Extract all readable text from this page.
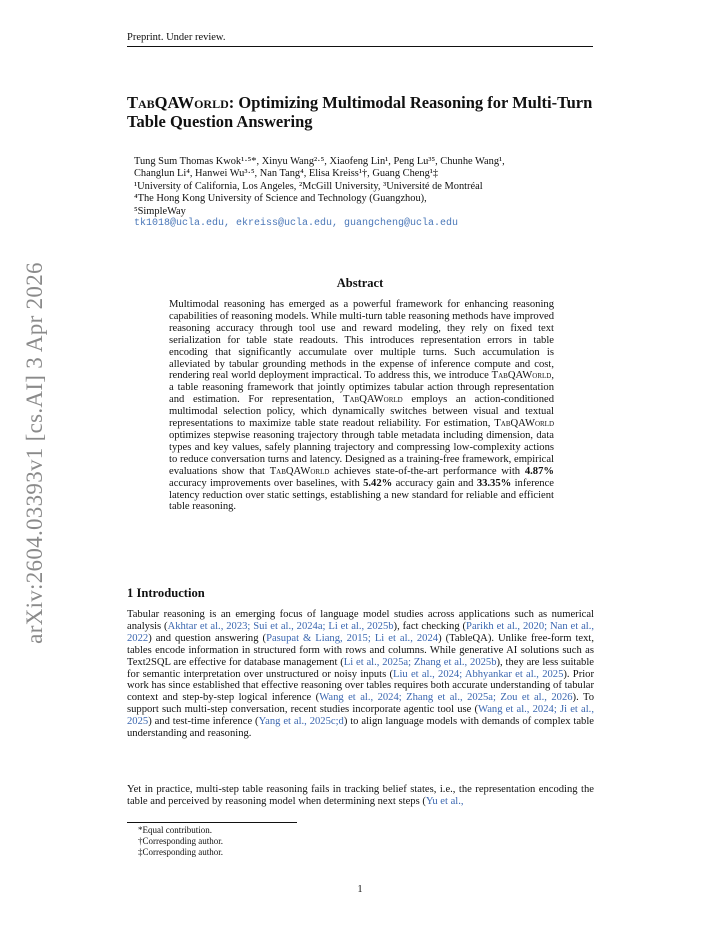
Preprint. Under review.
arXiv:2604.03393v1 [cs.AI] 3 Apr 2026
TabQAWorld: Optimizing Multimodal Reasoning for Multi-Turn Table Question Answering
Tung Sum Thomas Kwok¹·⁵*, Xinyu Wang²·⁵, Xiaofeng Lin¹, Peng Lu³⁵, Chunhe Wang¹,
Changlun Li⁴, Hanwei Wu³·⁵, Nan Tang⁴, Elisa Kreiss¹†, Guang Cheng¹‡
¹University of California, Los Angeles, ²McGill University, ³Université de Montréal
⁴The Hong Kong University of Science and Technology (Guangzhou),
⁵SimpleWay
tk1018@ucla.edu, ekreiss@ucla.edu, guangcheng@ucla.edu
Abstract
Multimodal reasoning has emerged as a powerful framework for enhancing reasoning capabilities of reasoning models. While multi-turn table reasoning methods have improved reasoning accuracy through tool use and reward modeling, they rely on fixed text serialization for table state readouts. This introduces representation errors in table encoding that significantly accumulate over multiple turns. Such accumulation is alleviated by tabular grounding methods in the expense of inference compute and cost, rendering real world deployment impractical. To address this, we introduce TabQAWorld, a table reasoning framework that jointly optimizes tabular action through representation and estimation. For representation, TabQAWorld employs an action-conditioned multimodal selection policy, which dynamically switches between visual and textual representations to maximize table state readout reliability. For estimation, TabQAWorld optimizes stepwise reasoning trajectory through table metadata including dimension, data types and key values, safely planning trajectory and compressing low-complexity actions to reduce conversation turns and latency. Designed as a training-free framework, empirical evaluations show that TabQAWorld achieves state-of-the-art performance with 4.87% accuracy improvements over baselines, with 5.42% accuracy gain and 33.35% inference latency reduction over static settings, establishing a new standard for reliable and efficient table reasoning.
1 Introduction
Tabular reasoning is an emerging focus of language model studies across applications such as numerical analysis (Akhtar et al., 2023; Sui et al., 2024a; Li et al., 2025b), fact checking (Parikh et al., 2020; Nan et al., 2022) and question answering (Pasupat & Liang, 2015; Li et al., 2024) (TableQA). Unlike free-form text, tables encode information in structured form with rows and columns. While generative AI solutions such as Text2SQL are effective for database management (Li et al., 2025a; Zhang et al., 2025b), they are less suitable for semantic interpretation over unstructured or noisy inputs (Liu et al., 2024; Abhyankar et al., 2025). Prior work has since established that effective reasoning over tables requires both accurate understanding of tabular context and step-by-step logical inference (Wang et al., 2024; Zhang et al., 2025a; Zou et al., 2026). To support such multi-step conversation, recent studies incorporate agentic tool use (Wang et al., 2024; Ji et al., 2025) and test-time inference (Yang et al., 2025c;d) to align language models with demands of complex table understanding and reasoning.
Yet in practice, multi-step table reasoning fails in tracking belief states, i.e., the representation encoding the table and perceived by reasoning model when determining next steps (Yu et al.,
*Equal contribution.
†Corresponding author.
‡Corresponding author.
1
